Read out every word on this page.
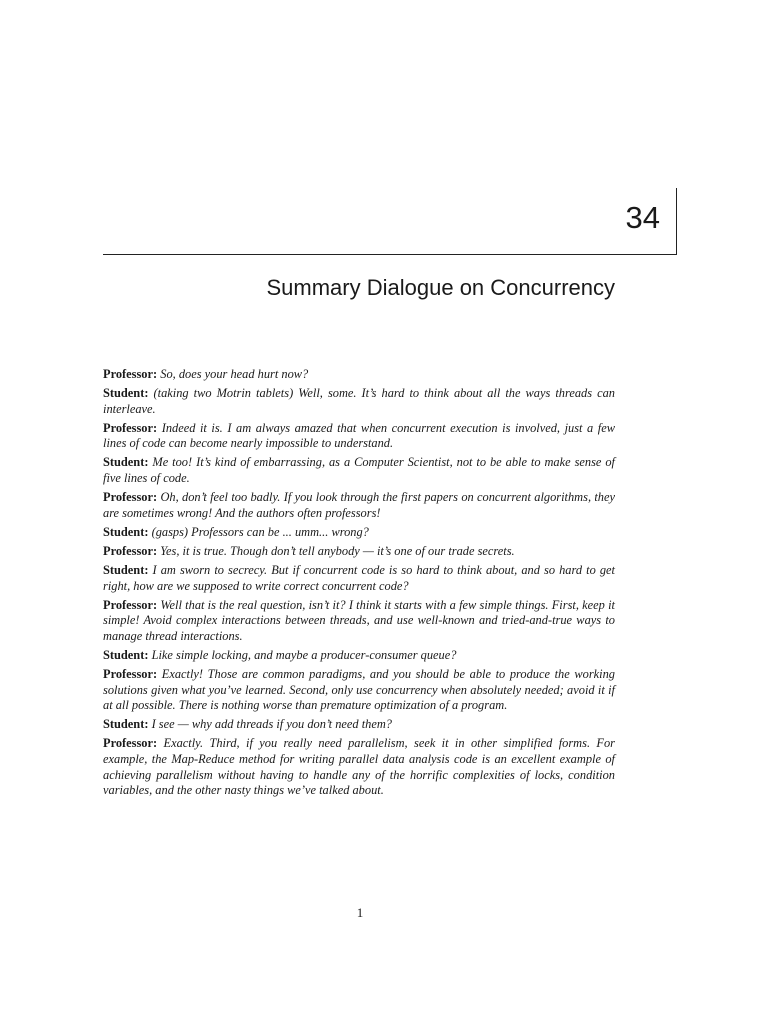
34
Summary Dialogue on Concurrency

Professor: So, does your head hurt now?

Student: (taking two Motrin tablets) Well, some. It’s hard to think about all the ways threads can interleave.

Professor: Indeed it is. I am always amazed that when concurrent execution is involved, just a few lines of code can become nearly impossible to understand.

Student: Me too! It’s kind of embarrassing, as a Computer Scientist, not to be able to make sense of five lines of code.

Professor: Oh, don’t feel too badly. If you look through the first papers on concurrent algorithms, they are sometimes wrong! And the authors often professors!

Student: (gasps) Professors can be ... umm... wrong?

Professor: Yes, it is true. Though don’t tell anybody — it’s one of our trade secrets.

Student: I am sworn to secrecy. But if concurrent code is so hard to think about, and so hard to get right, how are we supposed to write correct concurrent code?

Professor: Well that is the real question, isn’t it? I think it starts with a few simple things. First, keep it simple! Avoid complex interactions between threads, and use well-known and tried-and-true ways to manage thread interactions.

Student: Like simple locking, and maybe a producer-consumer queue?

Professor: Exactly! Those are common paradigms, and you should be able to produce the working solutions given what you’ve learned. Second, only use concurrency when absolutely needed; avoid it if at all possible. There is nothing worse than premature optimization of a program.

Student: I see — why add threads if you don’t need them?

Professor: Exactly. Third, if you really need parallelism, seek it in other simplified forms. For example, the Map-Reduce method for writing parallel data analysis code is an excellent example of achieving parallelism without having to handle any of the horrific complexities of locks, condition variables, and the other nasty things we’ve talked about.

1
